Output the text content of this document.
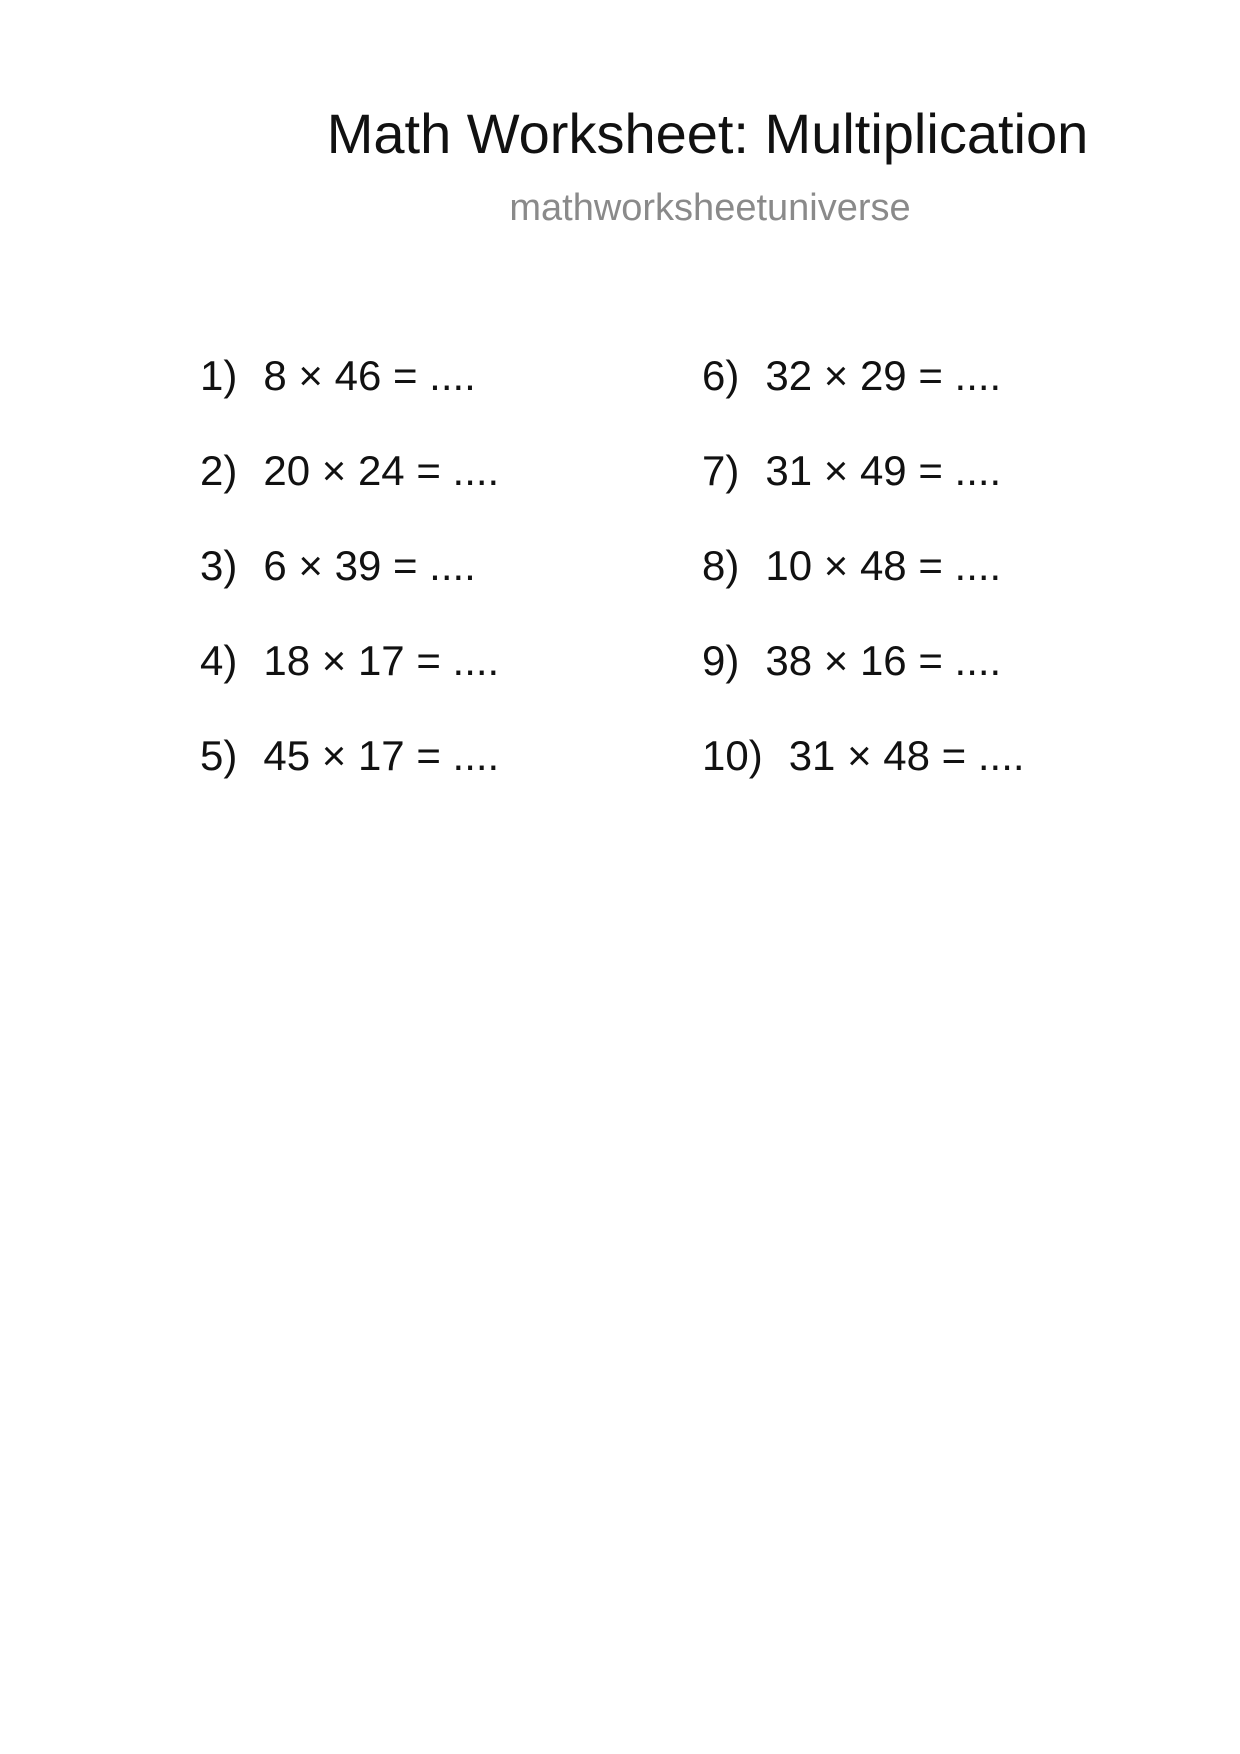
Math Worksheet: Multiplication
mathworksheetuniverse
1) 8 × 46 = ....
2) 20 × 24 = ....
3) 6 × 39 = ....
4) 18 × 17 = ....
5) 45 × 17 = ....
6) 32 × 29 = ....
7) 31 × 49 = ....
8) 10 × 48 = ....
9) 38 × 16 = ....
10) 31 × 48 = ....
